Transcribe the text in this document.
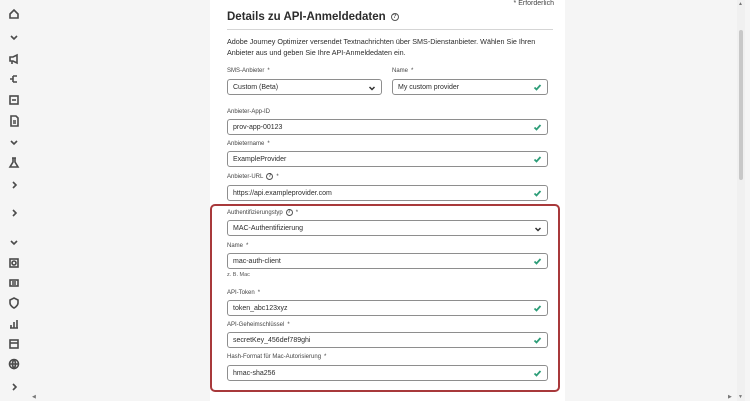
* Erforderlich
Details zu API-Anmeldedaten	?
Adobe Journey Optimizer versendet Textnachrichten über SMS-Dienstanbieter. Wählen Sie Ihren Anbieter aus und geben Sie Ihre API-Anmeldedaten ein.
SMS-Anbieter *
Custom (Beta)
Name *
My custom provider
Anbieter-App-ID
prov-app-00123
Anbietername *
ExampleProvider
Anbieter-URL ? *
https://api.exampleprovider.com
Authentifizierungstyp ? *
MAC-Authentifizierung
Name *
mac-auth-client
z. B. Mac
API-Token *
token_abc123xyz
API-Geheimschlüssel *
secretKey_456def789ghi
Hash-Format für Mac-Autorisierung *
hmac-sha256
▲
▼
◀	▶
